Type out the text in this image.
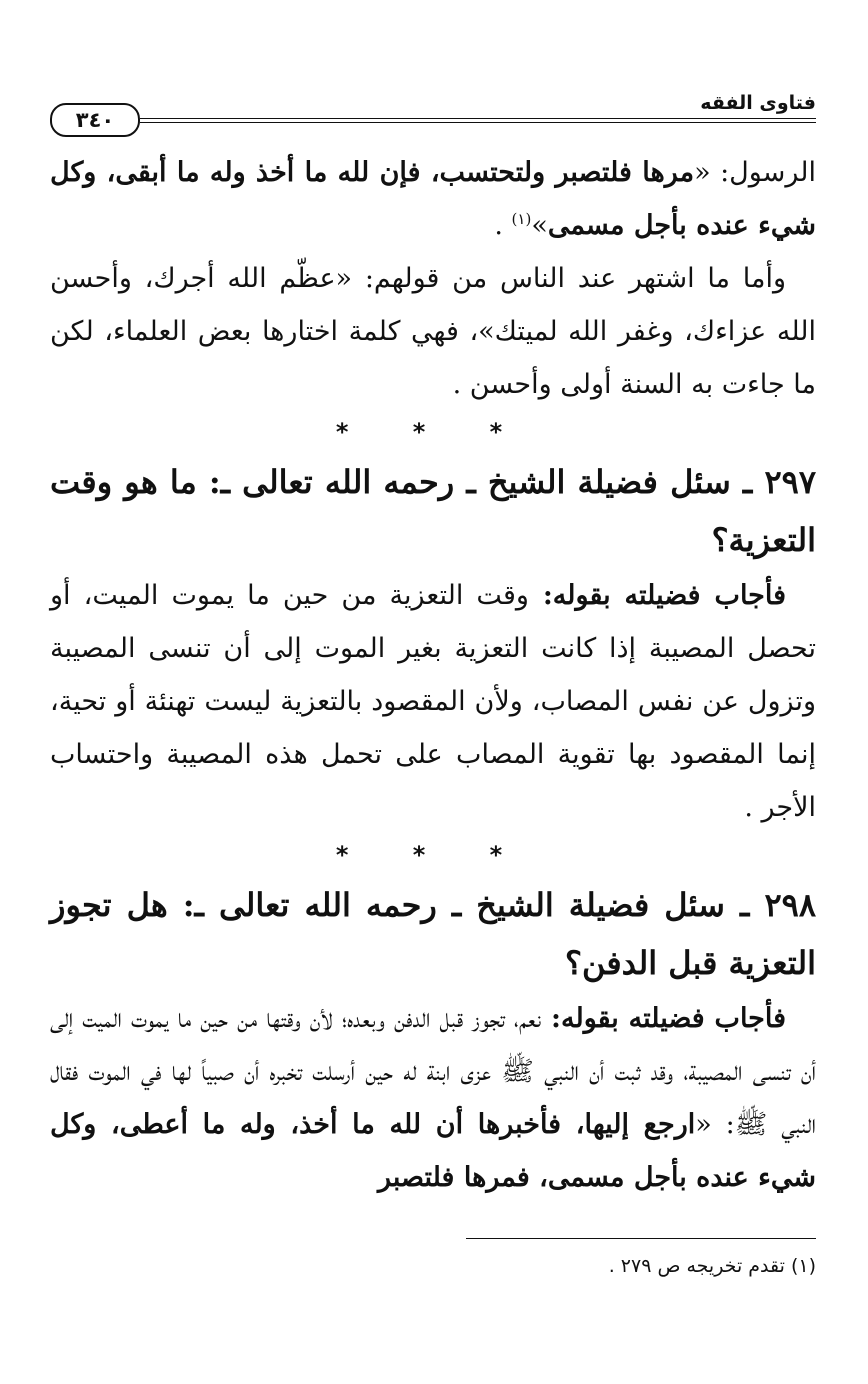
فتاوى الفقه
٣٤٠

الرسول: «مرها فلتصبر ولتحتسب، فإن لله ما أخذ وله ما أبقى، وكل شيء عنده بأجل مسمى»$^{(١)}$ .

وأما ما اشتهر عند الناس من قولهم: «عظّم الله أجرك، وأحسن الله عزاءك، وغفر الله لميتك»، فهي كلمة اختارها بعض العلماء، لكن ما جاءت به السنة أولى وأحسن .

* * *

٢٩٧ ـ سئل فضيلة الشيخ ـ رحمه الله تعالى ـ: ما هو وقت التعزية؟

فأجاب فضيلته بقوله: وقت التعزية من حين ما يموت الميت، أو تحصل المصيبة إذا كانت التعزية بغير الموت إلى أن تنسى المصيبة وتزول عن نفس المصاب، ولأن المقصود بالتعزية ليست تهنئة أو تحية، إنما المقصود بها تقوية المصاب على تحمل هذه المصيبة واحتساب الأجر .

* * *

٢٩٨ ـ سئل فضيلة الشيخ ـ رحمه الله تعالى ـ: هل تجوز التعزية قبل الدفن؟

فأجاب فضيلته بقوله: نعم، تجوز قبل الدفن وبعده؛ لأن وقتها من حين ما يموت الميت إلى أن تنسى المصيبة، وقد ثبت أن النبي ﷺ عزى ابنة له حين أرسلت تخبره أن صبياً لها في الموت فقال النبي ﷺ: «ارجع إليها، فأخبرها أن لله ما أخذ، وله ما أعطى، وكل شيء عنده بأجل مسمى، فمرها فلتصبر

(١) تقدم تخريجه ص ٢٧٩ .
